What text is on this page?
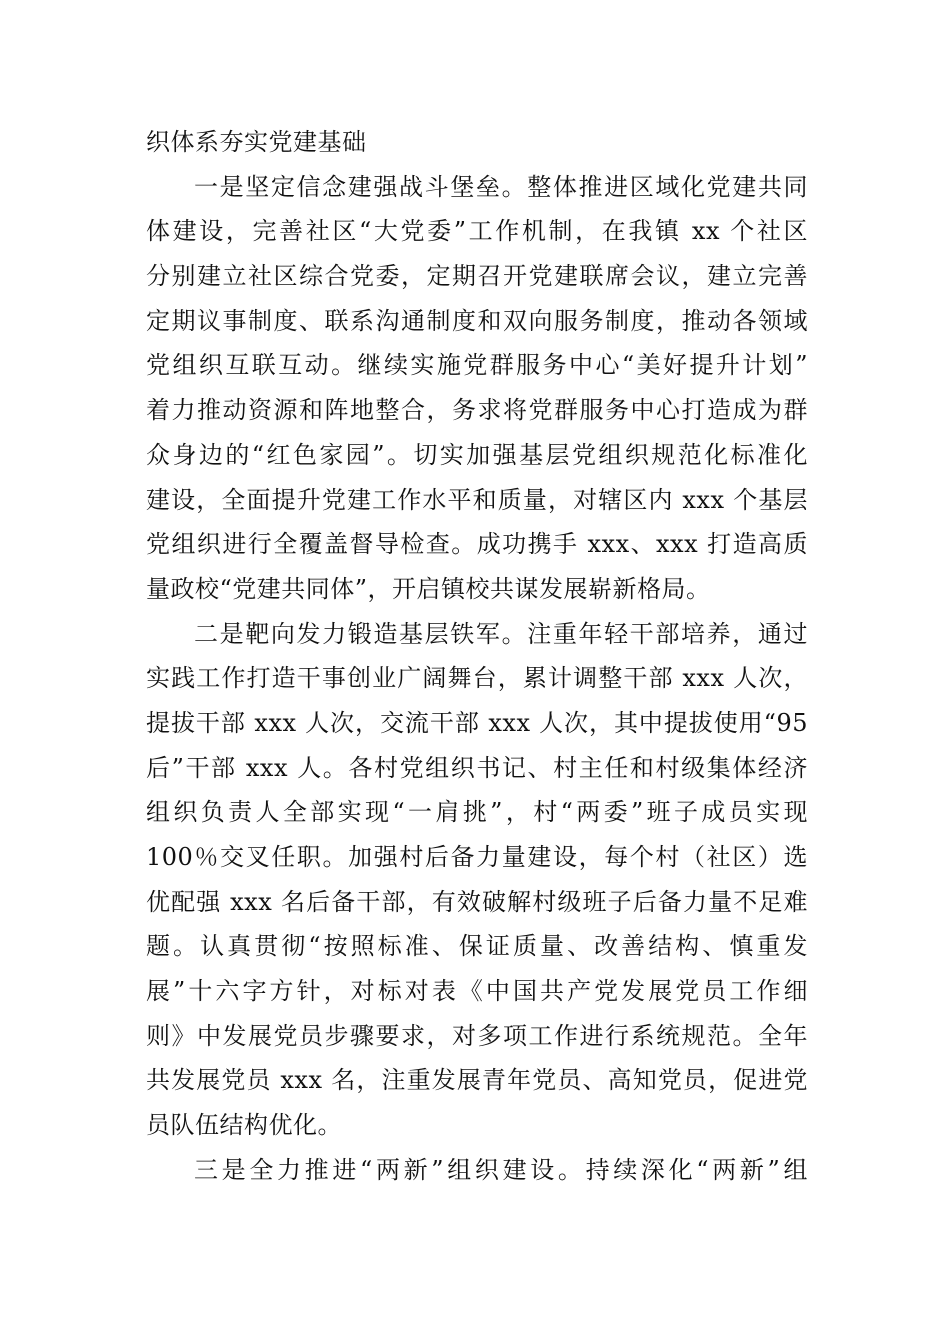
织体系夯实党建基础
一是坚定信念建强战斗堡垒。整体推进区域化党建共同
体建设，完善社区“大党委”工作机制，在我镇 xx 个社区
分别建立社区综合党委，定期召开党建联席会议，建立完善
定期议事制度、联系沟通制度和双向服务制度，推动各领域
党组织互联互动。继续实施党群服务中心“美好提升计划”
着力推动资源和阵地整合，务求将党群服务中心打造成为群
众身边的“红色家园”。切实加强基层党组织规范化标准化
建设，全面提升党建工作水平和质量，对辖区内 xxx 个基层
党组织进行全覆盖督导检查。成功携手 xxx、xxx 打造高质
量政校“党建共同体”，开启镇校共谋发展崭新格局。
二是靶向发力锻造基层铁军。注重年轻干部培养，通过
实践工作打造干事创业广阔舞台，累计调整干部 xxx 人次，
提拔干部 xxx 人次，交流干部 xxx 人次，其中提拔使用“95
后”干部 xxx 人。各村党组织书记、村主任和村级集体经济
组织负责人全部实现“一肩挑”，村“两委”班子成员实现
100％交叉任职。加强村后备力量建设，每个村（社区）选
优配强 xxx 名后备干部，有效破解村级班子后备力量不足难
题。认真贯彻“按照标准、保证质量、改善结构、慎重发
展”十六字方针，对标对表《中国共产党发展党员工作细
则》中发展党员步骤要求，对多项工作进行系统规范。全年
共发展党员 xxx 名，注重发展青年党员、高知党员，促进党
员队伍结构优化。
三是全力推进“两新”组织建设。持续深化“两新”组
